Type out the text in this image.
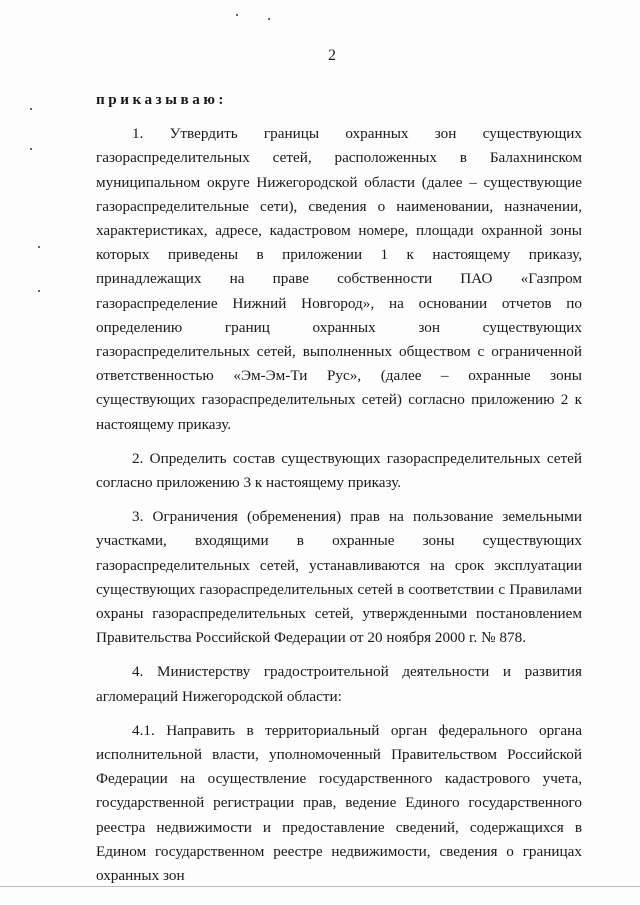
2

приказываю:

1. Утвердить границы охранных зон существующих газораспределительных сетей, расположенных в Балахнинском муниципальном округе Нижегородской области (далее – существующие газораспределительные сети), сведения о наименовании, назначении, характеристиках, адресе, кадастровом номере, площади охранной зоны которых приведены в приложении 1 к настоящему приказу, принадлежащих на праве собственности ПАО «Газпром газораспределение Нижний Новгород», на основании отчетов по определению границ охранных зон существующих газораспределительных сетей, выполненных обществом с ограниченной ответственностью «Эм-Эм-Ти Рус», (далее – охранные зоны существующих газораспределительных сетей) согласно приложению 2 к настоящему приказу.

2. Определить состав существующих газораспределительных сетей согласно приложению 3 к настоящему приказу.

3. Ограничения (обременения) прав на пользование земельными участками, входящими в охранные зоны существующих газораспределительных сетей, устанавливаются на срок эксплуатации существующих газораспределительных сетей в соответствии с Правилами охраны газораспределительных сетей, утвержденными постановлением Правительства Российской Федерации от 20 ноября 2000 г. № 878.

4. Министерству градостроительной деятельности и развития агломераций Нижегородской области:

4.1. Направить в территориальный орган федерального органа исполнительной власти, уполномоченный Правительством Российской Федерации на осуществление государственного кадастрового учета, государственной регистрации прав, ведение Единого государственного реестра недвижимости и предоставление сведений, содержащихся в Едином государственном реестре недвижимости, сведения о границах охранных зон
